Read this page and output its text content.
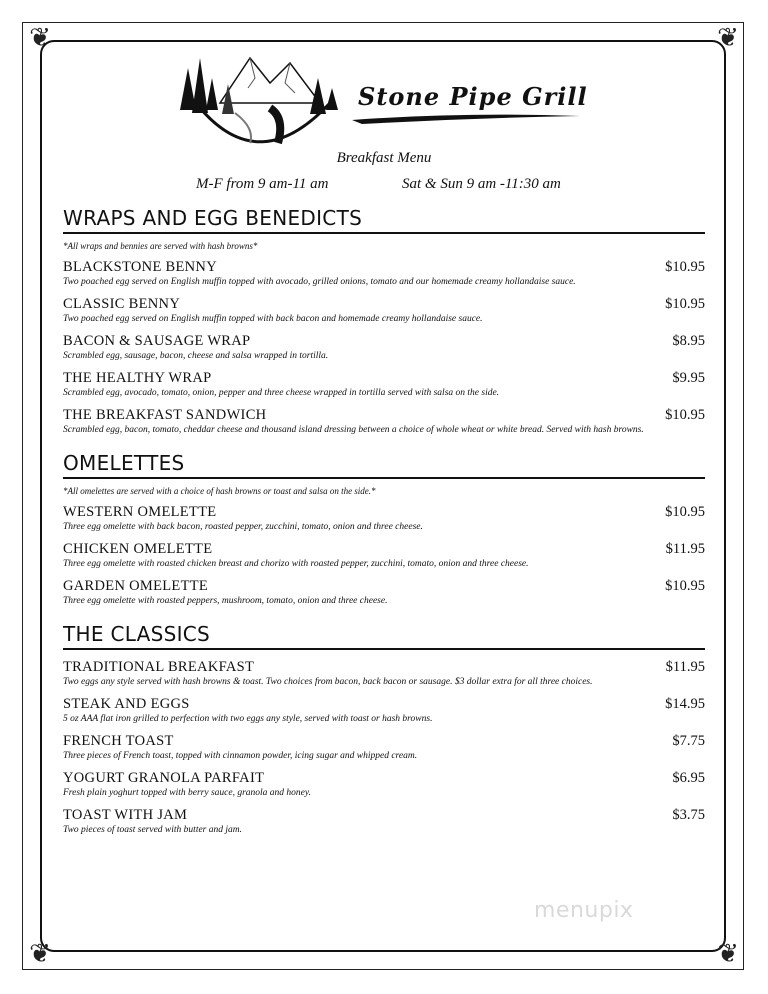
❦	❦
❦	❦
Stone Pipe Grill
Breakfast Menu
M-F from 9 am-11 am	Sat & Sun 9 am -11:30 am
WRAPS AND EGG BENEDICTS
*All wraps and bennies are served with hash browns*
BLACKSTONE BENNY	$10.95
Two poached egg served on English muffin topped with avocado, grilled onions, tomato and our homemade creamy hollandaise sauce.
CLASSIC BENNY	$10.95
Two poached egg served on English muffin topped with back bacon and homemade creamy hollandaise sauce.
BACON & SAUSAGE WRAP	$8.95
Scrambled egg, sausage, bacon, cheese and salsa wrapped in tortilla.
THE HEALTHY WRAP	$9.95
Scrambled egg, avocado, tomato, onion, pepper and three cheese wrapped in tortilla served with salsa on the side.
THE BREAKFAST SANDWICH	$10.95
Scrambled egg, bacon, tomato, cheddar cheese and thousand island dressing between a choice of whole wheat or white bread. Served with hash browns.
OMELETTES
*All omelettes are served with a choice of hash browns or toast and salsa on the side.*
WESTERN OMELETTE	$10.95
Three egg omelette with back bacon, roasted pepper, zucchini, tomato, onion and three cheese.
CHICKEN OMELETTE	$11.95
Three egg omelette with roasted chicken breast and chorizo with roasted pepper, zucchini, tomato, onion and three cheese.
GARDEN OMELETTE	$10.95
Three egg omelette with roasted peppers, mushroom, tomato, onion and three cheese.
THE CLASSICS
TRADITIONAL BREAKFAST	$11.95
Two eggs any style served with hash browns & toast. Two choices from bacon, back bacon or sausage. $3 dollar extra for all three choices.
STEAK AND EGGS	$14.95
5 oz AAA flat iron grilled to perfection with two eggs any style, served with toast or hash browns.
FRENCH TOAST	$7.75
Three pieces of French toast, topped with cinnamon powder, icing sugar and whipped cream.
YOGURT GRANOLA PARFAIT	$6.95
Fresh plain yoghurt topped with berry sauce, granola and honey.
TOAST WITH JAM	$3.75
Two pieces of toast served with butter and jam.
menupix
